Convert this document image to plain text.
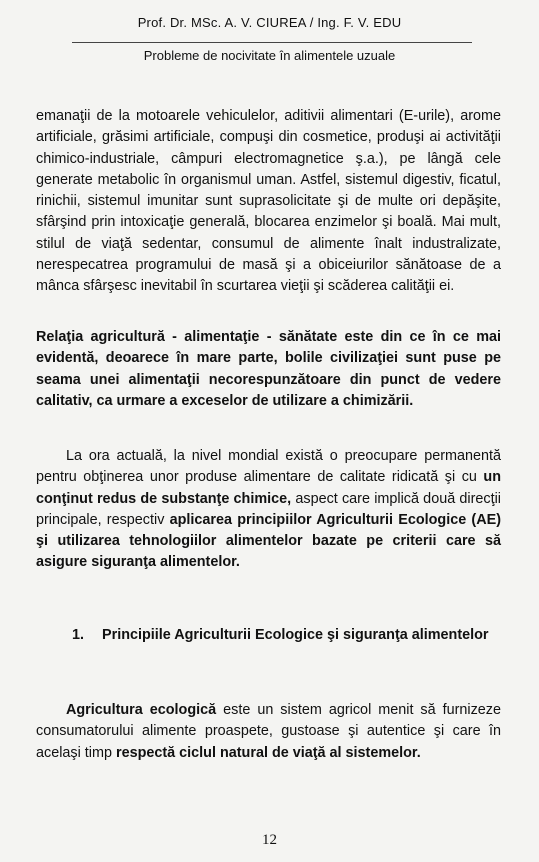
Prof. Dr. MSc. A. V. CIUREA / Ing. F. V. EDU
Probleme de nocivitate în alimentele uzuale

emanaţii de la motoarele vehiculelor, aditivii alimentari (E-urile), arome artificiale, grăsimi artificiale, compuşi din cosmetice, produşi ai activităţii chimico-industriale, câmpuri electromagnetice ş.a.), pe lângă cele generate metabolic în organismul uman. Astfel, sistemul digestiv, ficatul, rinichii, sistemul imunitar sunt suprasolicitate şi de multe ori depăşite, sfârşind prin intoxicaţie generală, blocarea enzimelor şi boală. Mai mult, stilul de viaţă sedentar, consumul de alimente înalt industralizate, nerespecatrea programului de masă şi a obiceiurilor sănătoase de a mânca sfârşesc inevitabil în scurtarea vieţii şi scăderea calităţii ei.

Relaţia agricultură - alimentaţie - sănătate este din ce în ce mai evidentă, deoarece în mare parte, bolile civilizaţiei sunt puse pe seama unei alimentaţii necorespunzătoare din punct de vedere calitativ, ca urmare a exceselor de utilizare a chimizării.

La ora actuală, la nivel mondial există o preocupare permanentă pentru obţinerea unor produse alimentare de calitate ridicată şi cu un conţinut redus de substanţe chimice, aspect care implică două direcţii principale, respectiv aplicarea principiilor Agriculturii Ecologice (AE) şi utilizarea tehnologiilor alimentelor bazate pe criterii care să asigure siguranţa alimentelor.

1. Principiile Agriculturii Ecologice şi siguranţa alimentelor

Agricultura ecologică este un sistem agricol menit să furnizeze consumatorului alimente proaspete, gustoase şi autentice şi care în acelaşi timp respectă ciclul natural de viaţă al sistemelor.

12
